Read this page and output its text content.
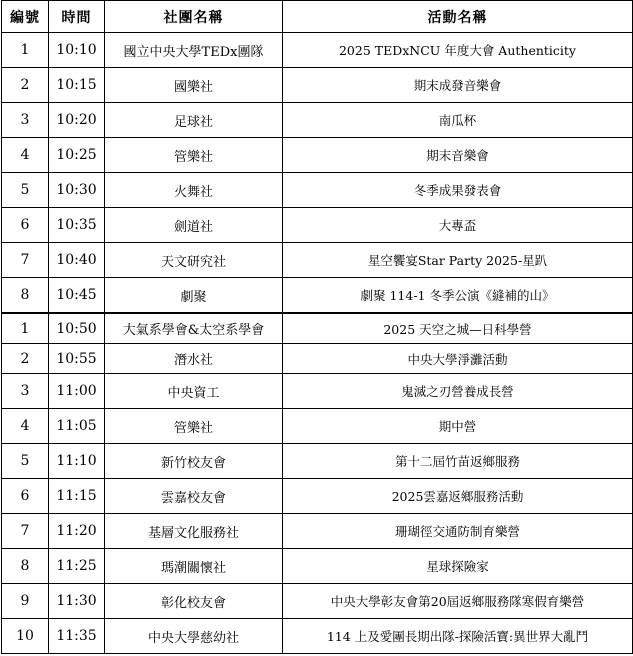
編號	時間	社團名稱	活動名稱
1	10:10	國立中央大學TEDx團隊	2025 TEDxNCU 年度大會 Authenticity
2	10:15	國樂社	期末成發音樂會
3	10:20	足球社	南瓜杯
4	10:25	管樂社	期末音樂會
5	10:30	火舞社	冬季成果發表會
6	10:35	劍道社	大專盃
7	10:40	天文研究社	星空饗宴Star Party 2025-星趴
8	10:45	劇聚	劇聚 114-1 冬季公演《縫補的山》
1	10:50	大氣系學會&太空系學會	2025 天空之城—日科學營
2	10:55	潛水社	中央大學淨灘活動
3	11:00	中央資工	鬼滅之刃營養成長營
4	11:05	管樂社	期中營
5	11:10	新竹校友會	第十二屆竹苗返鄉服務
6	11:15	雲嘉校友會	2025雲嘉返鄉服務活動
7	11:20	基層文化服務社	珊瑚徑交通防制育樂營
8	11:25	瑪潮關懷社	星球探險家
9	11:30	彰化校友會	中央大學彰友會第20屆返鄉服務隊寒假育樂營
10	11:35	中央大學慈幼社	114 上及愛團長期出隊-探險活寶:異世界大亂鬥
